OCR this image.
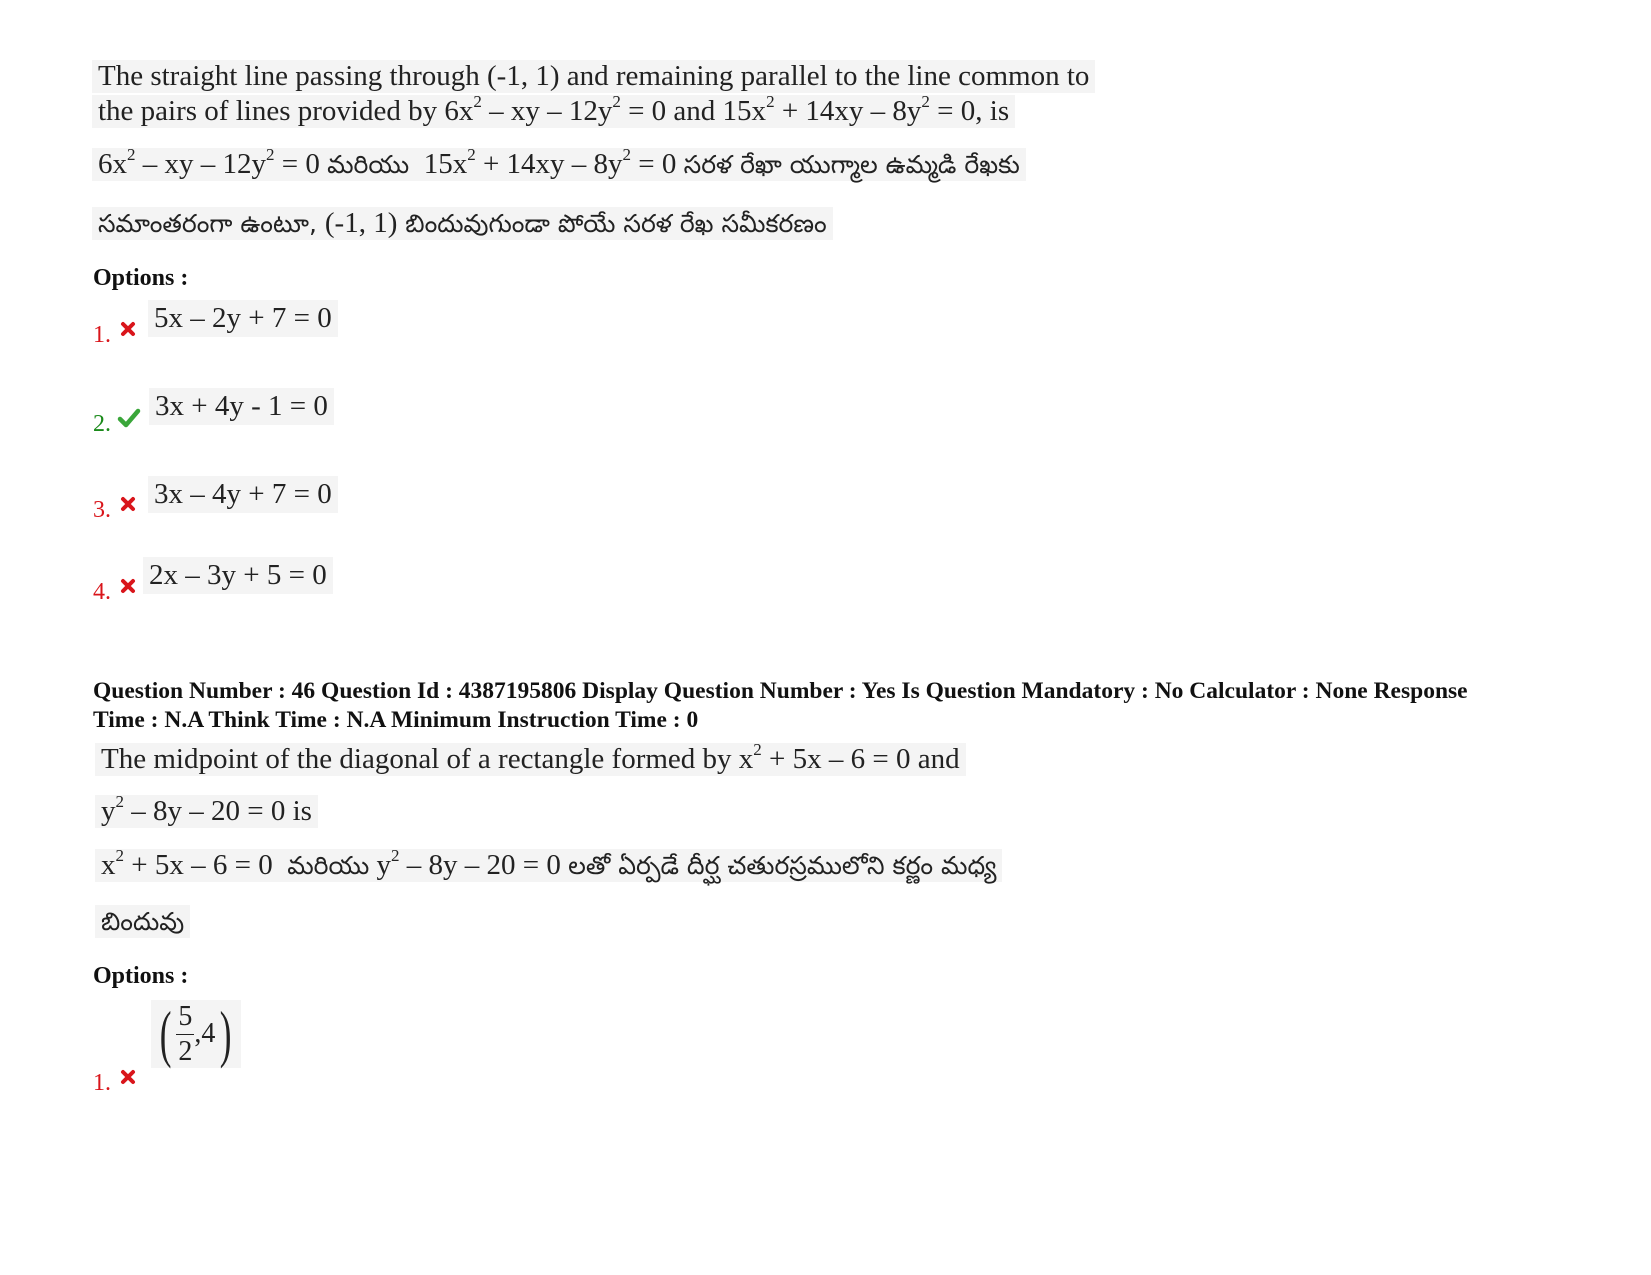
The straight line passing through (-1, 1) and remaining parallel to the line common to
the pairs of lines provided by $6x^2$ – xy – $12y^2 = 0$ and $15x^2 + 14xy - 8y^2 = 0$, is
$6x^2$ – xy – $12y^2 = 0$ మరియు $15x^2 + 14xy - 8y^2 = 0$ సరళ రేఖా యుగ్మాల ఉమ్మడి రేఖకు
సమాంతరంగా ఉంటూ, (-1, 1) బిందువుగుండా పోయే సరళ రేఖ సమీకరణం
Options :
1.
5x – 2y + 7 = 0
2.
3x + 4y - 1 = 0
3. 3x – 4y + 7 = 0
4.
2x – 3y + 5 = 0
Question Number : 46 Question Id : 4387195806 Display Question Number : Yes Is Question Mandatory : No Calculator : None Response
Time : N.A Think Time : N.A Minimum Instruction Time : 0
The midpoint of the diagonal of a rectangle formed by $x^2 + 5x - 6 = 0$ and
$y^2 - 8y - 20 = 0$ is
$x^2 + 5x - 6 = 0$  మరియు $y^2 - 8y - 20 = 0$ లతో ఏర్పడే దీర్ఘ చతురస్రములోని కర్ణం మధ్య
బిందువు
Options :
1.
( $\frac{5}{2} ,4$)
